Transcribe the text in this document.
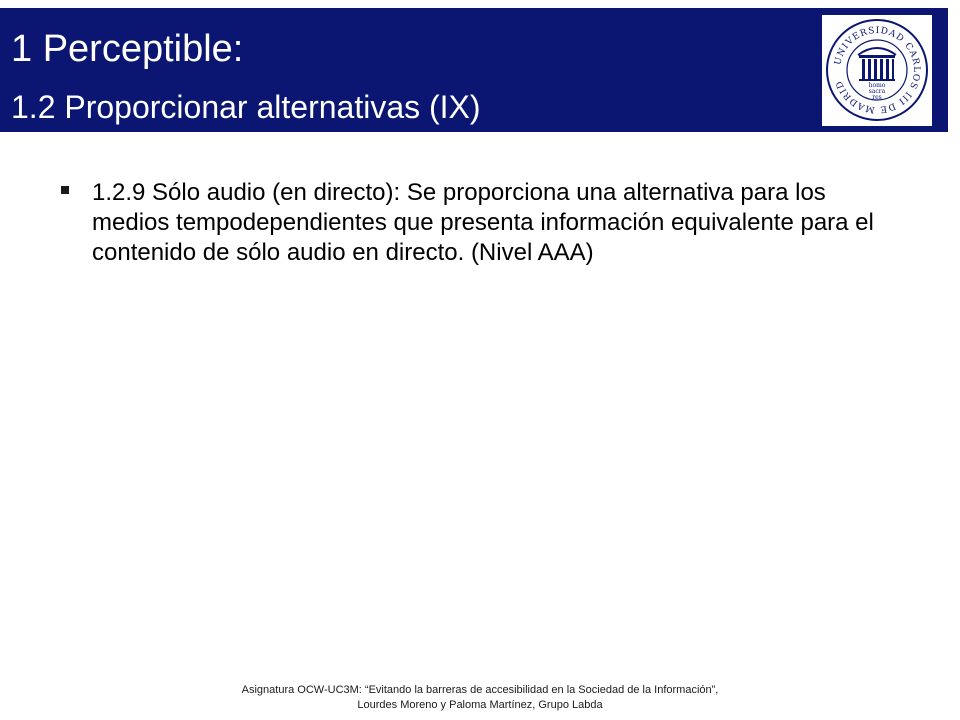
1 Perceptible:
1.2 Proporcionar alternativas (IX)
UNIVERSIDAD CARLOS III DE MADRID	homo
sacra
res
1.2.9 Sólo audio (en directo): Se proporciona una alternativa para los medios tempodependientes que presenta información equivalente para el contenido de sólo audio en directo. (Nivel AAA)
Asignatura OCW-UC3M: “Evitando la barreras de accesibilidad en la Sociedad de la Información”,
Lourdes Moreno y Paloma Martínez, Grupo Labda
